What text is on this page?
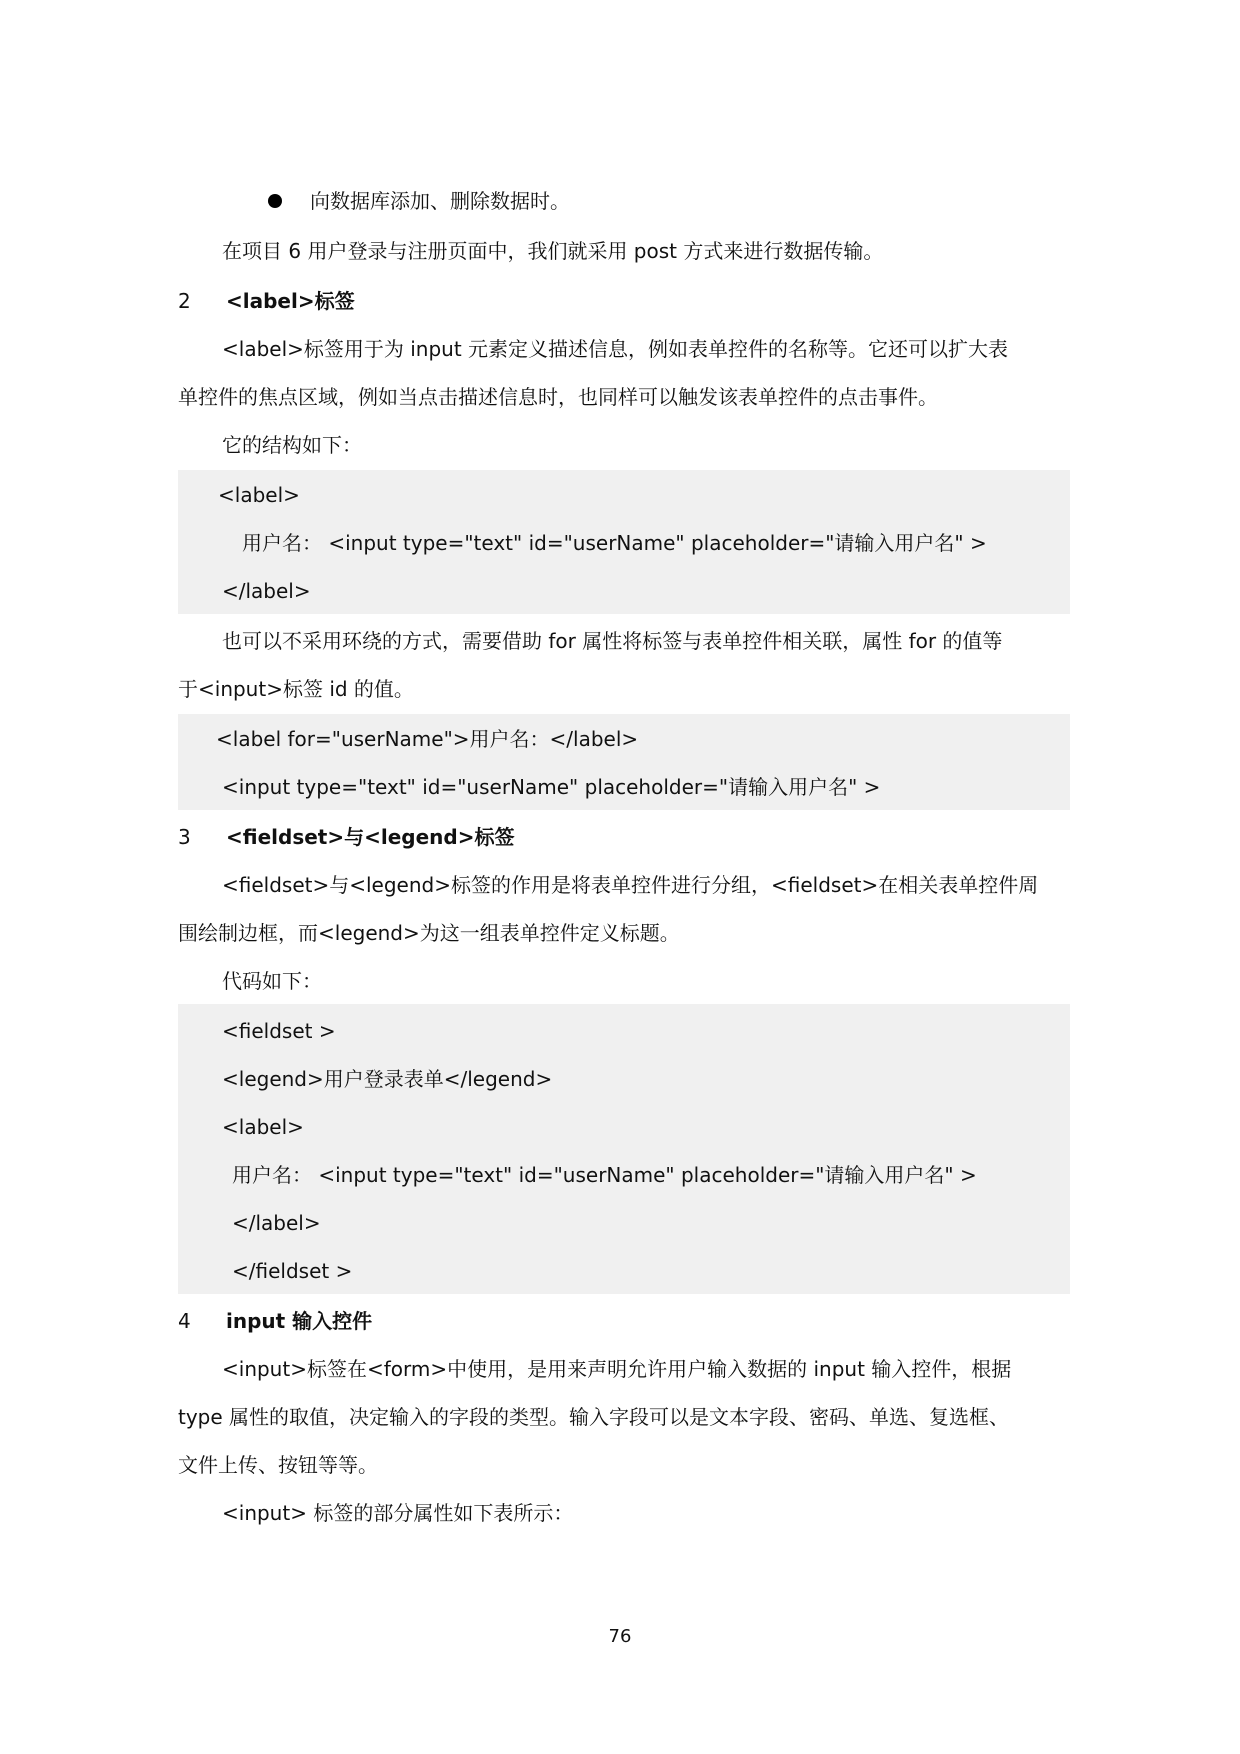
向数据库添加、删除数据时。
在项目 6 用户登录与注册页面中，我们就采用 post 方式来进行数据传输。
2 <label>标签
<label>标签用于为 input 元素定义描述信息，例如表单控件的名称等。它还可以扩大表
单控件的焦点区域，例如当点击描述信息时，也同样可以触发该表单控件的点击事件。
它的结构如下：
<label>
用户名： <input type="text" id="userName" placeholder="请输入用户名" >
</label>
也可以不采用环绕的方式，需要借助 for 属性将标签与表单控件相关联，属性 for 的值等
于<input>标签 id 的值。
<label for="userName">用户名：</label>
<input type="text" id="userName" placeholder="请输入用户名" >
3 <fieldset>与<legend>标签
<fieldset>与<legend>标签的作用是将表单控件进行分组，<fieldset>在相关表单控件周
围绘制边框，而<legend>为这一组表单控件定义标题。
代码如下：
<fieldset >
<legend>用户登录表单</legend>
<label>
用户名： <input type="text" id="userName" placeholder="请输入用户名" >
</label>
</fieldset >
4 input 输入控件
<input>标签在<form>中使用，是用来声明允许用户输入数据的 input 输入控件，根据
type 属性的取值，决定输入的字段的类型。输入字段可以是文本字段、密码、单选、复选框、
文件上传、按钮等等。
<input> 标签的部分属性如下表所示：
76
